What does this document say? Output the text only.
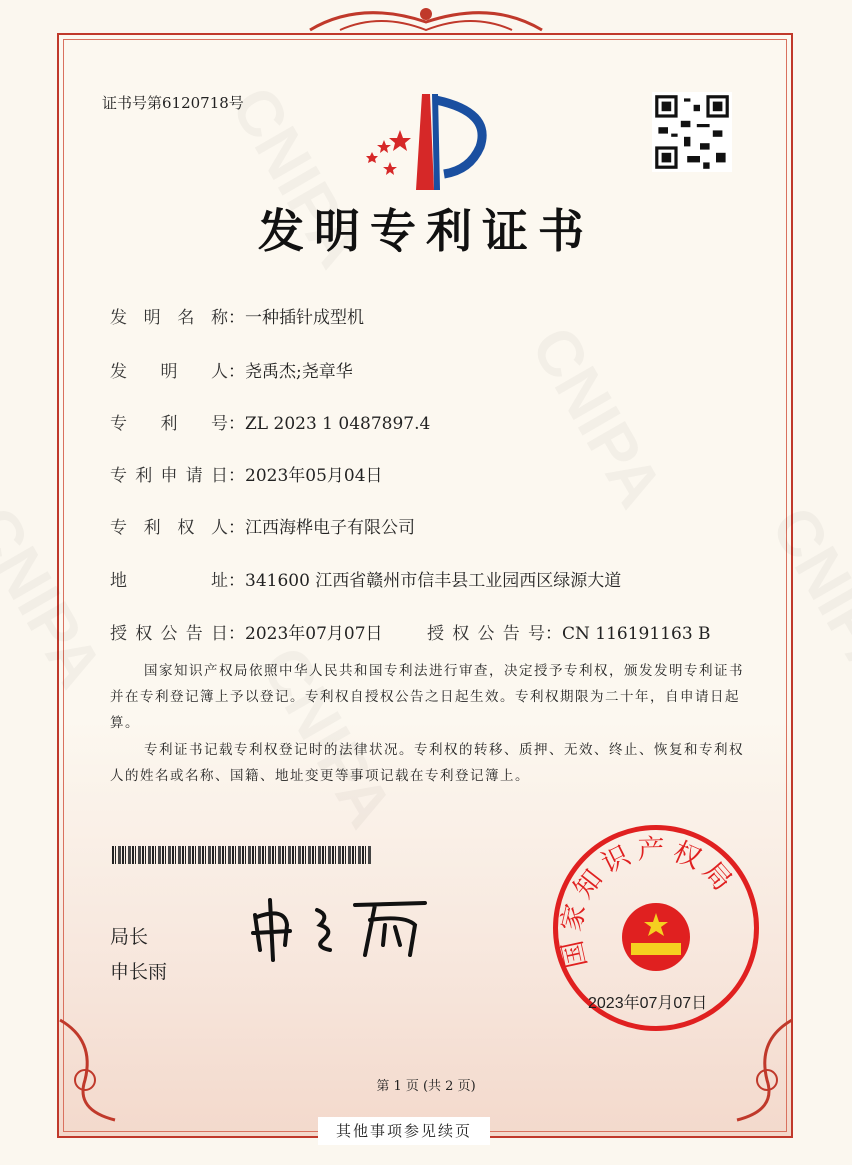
证书号第6120718号
发明专利证书
发明名称：一种插针成型机
发明人：尧禹杰;尧章华
专利号：ZL 2023 1 0487897.4
专利申请日：2023年05月04日
专利权人：江西海桦电子有限公司
地址：341600 江西省赣州市信丰县工业园西区绿源大道
授权公告日：2023年07月07日	授权公告号：CN 116191163 B
国家知识产权局依照中华人民共和国专利法进行审查，决定授予专利权，颁发发明专利证书并在专利登记簿上予以登记。专利权自授权公告之日起生效。专利权期限为二十年，自申请日起算。
专利证书记载专利权登记时的法律状况。专利权的转移、质押、无效、终止、恢复和专利权人的姓名或名称、国籍、地址变更等事项记载在专利登记簿上。
局长
申长雨
国家知识产权局
2023年07月07日
第 1 页 (共 2 页)
其他事项参见续页
